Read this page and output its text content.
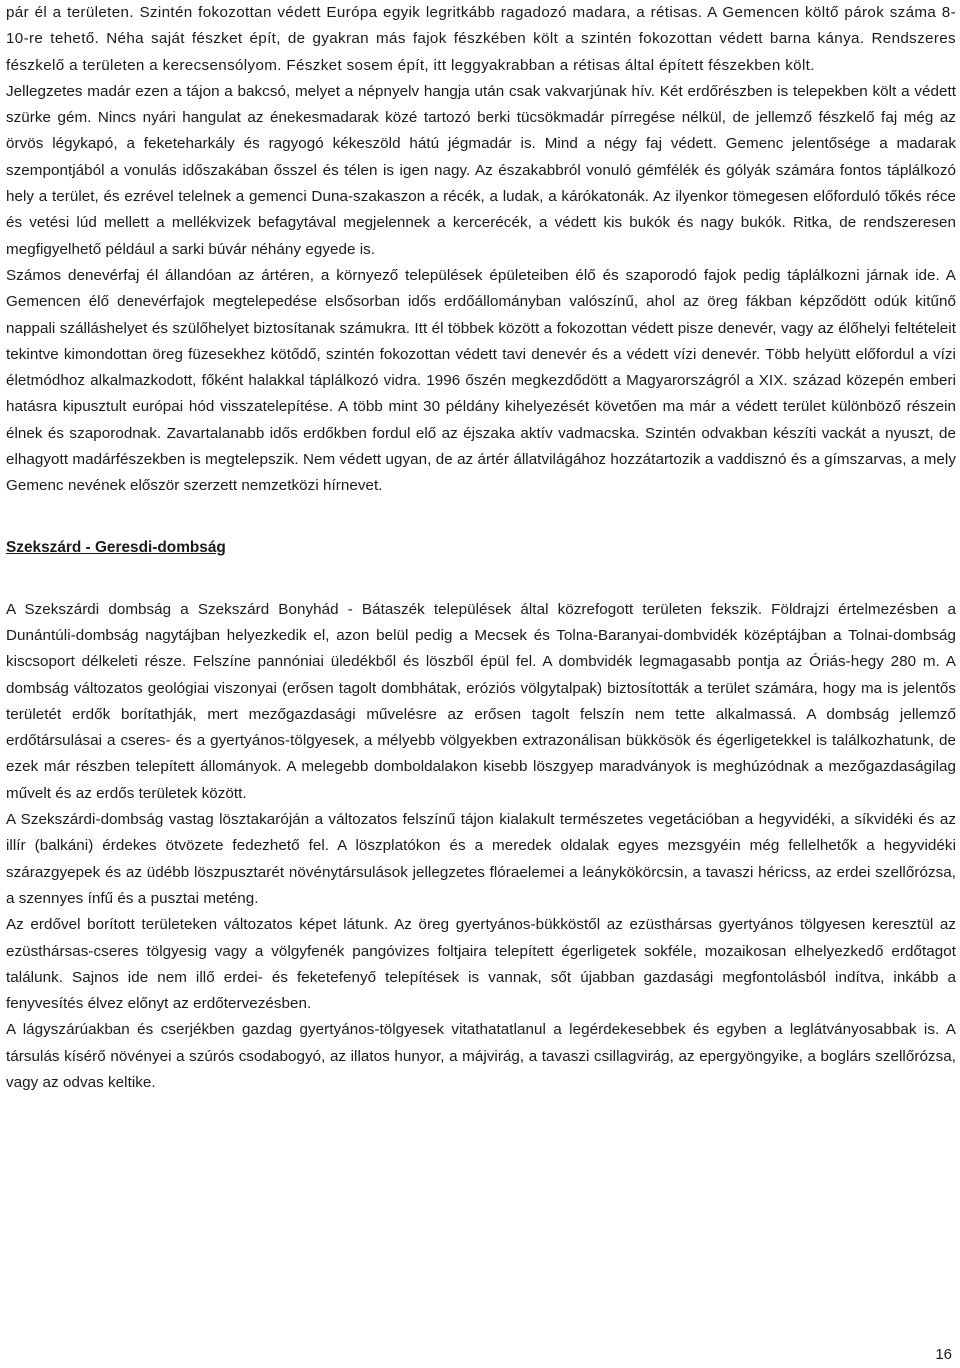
pár él a területen. Szintén fokozottan védett Európa egyik legritkább ragadozó madara, a rétisas. A Gemencen költő párok száma 8-10-re tehető. Néha saját fészket épít, de gyakran más fajok fészkében költ a szintén fokozottan védett barna kánya. Rendszeres fészkelő a területen a kerecsensólyom. Fészket sosem épít, itt leggyakrabban a rétisas által épített fészekben költ.

Jellegzetes madár ezen a tájon a bakcsó, melyet a népnyelv hangja után csak vakvarjúnak hív. Két erdőrészben is telepekben költ a védett szürke gém. Nincs nyári hangulat az énekesmadarak közé tartozó berki tücsökmadár pírregése nélkül, de jellemző fészkelő faj még az örvös légykapó, a feketeharkály és ragyogó kékeszöld hátú jégmadár is. Mind a négy faj védett. Gemenc jelentősége a madarak szempontjából a vonulás időszakában ősszel és télen is igen nagy. Az északabbról vonuló gémfélék és gólyák számára fontos táplálkozó hely a terület, és ezrével telelnek a gemenci Duna-szakaszon a récék, a ludak, a kárókatonák. Az ilyenkor tömegesen előforduló tőkés réce és vetési lúd mellett a mellékvizek befagytával megjelennek a kercerécék, a védett kis bukók és nagy bukók. Ritka, de rendszeresen megfigyelhető például a sarki búvár néhány egyede is.

Számos denevérfaj él állandóan az ártéren, a környező települések épületeiben élő és szaporodó fajok pedig táplálkozni járnak ide. A Gemencen élő denevérfajok megtelepedése elsősorban idős erdőállományban valószínű, ahol az öreg fákban képződött odúk kitűnő nappali szálláshelyet és szülőhelyet biztosítanak számukra. Itt él többek között a fokozottan védett pisze denevér, vagy az élőhelyi feltételeit tekintve kimondottan öreg füzesekhez kötődő, szintén fokozottan védett tavi denevér és a védett vízi denevér. Több helyütt előfordul a vízi életmódhoz alkalmazkodott, főként halakkal táplálkozó vidra. 1996 őszén megkezdődött a Magyarországról a XIX. század közepén emberi hatásra kipusztult európai hód visszatelepítése. A több mint 30 példány kihelyezését követően ma már a védett terület különböző részein élnek és szaporodnak. Zavartalanabb idős erdőkben fordul elő az éjszaka aktív vadmacska. Szintén odvakban készíti vackát a nyuszt, de elhagyott madárfészekben is megtelepszik. Nem védett ugyan, de az ártér állatvilágához hozzátartozik a vaddisznó és a gímszarvas, a mely Gemenc nevének először szerzett nemzetközi hírnevet.

Szekszárd - Geresdi-dombság

A Szekszárdi dombság a Szekszárd Bonyhád - Bátaszék települések által közrefogott területen fekszik. Földrajzi értelmezésben a Dunántúli-dombság nagytájban helyezkedik el, azon belül pedig a Mecsek és Tolna-Baranyai-dombvidék középtájban a Tolnai-dombság kiscsoport délkeleti része. Felszíne pannóniai üledékből és löszből épül fel. A dombvidék legmagasabb pontja az Óriás-hegy 280 m. A dombság változatos geológiai viszonyai (erősen tagolt dombhátak, eróziós völgytalpak) biztosították a terület számára, hogy ma is jelentős területét erdők borítathják, mert mezőgazdasági művelésre az erősen tagolt felszín nem tette alkalmassá. A dombság jellemző erdőtársulásai a cseres- és a gyertyános-tölgyesek, a mélyebb völgyekben extrazonálisan bükkösök és égerligetekkel is találkozhatunk, de ezek már részben telepített állományok. A melegebb domboldalakon kisebb löszgyep maradványok is meghúzódnak a mezőgazdaságilag művelt és az erdős területek között.

A Szekszárdi-dombság vastag lösztakaróján a változatos felszínű tájon kialakult természetes vegetációban a hegyvidéki, a síkvidéki és az illír (balkáni) érdekes ötvözete fedezhető fel. A löszplatókon és a meredek oldalak egyes mezsgyéin még fellelhetők a hegyvidéki szárazgyepek és az üdébb löszpusztarét növénytársulások jellegzetes flóraelemei a leánykökörcsin, a tavaszi héricss, az erdei szellőrózsa, a szennyes ínfű és a pusztai meténg.

Az erdővel borított területeken változatos képet látunk. Az öreg gyertyános-bükköstől az ezüsthársas gyertyános tölgyesen keresztül az ezüsthársas-cseres tölgyesig vagy a völgyfenék pangóvizes foltjaira telepített égerligetek sokféle, mozaikosan elhelyezkedő erdőtagot találunk. Sajnos ide nem illő erdei- és feketefenyő telepítések is vannak, sőt újabban gazdasági megfontolásból indítva, inkább a fenyvesítés élvez előnyt az erdőtervezésben.

A lágyszárúakban és cserjékben gazdag gyertyános-tölgyesek vitathatatlanul a legérdekesebbek és egyben a leglátványosabbak is. A társulás kísérő növényei a szúrós csodabogyó, az illatos hunyor, a májvirág, a tavaszi csillagvirág, az epergyöngyike, a boglárs szellőrózsa, vagy az odvas keltike.

16
